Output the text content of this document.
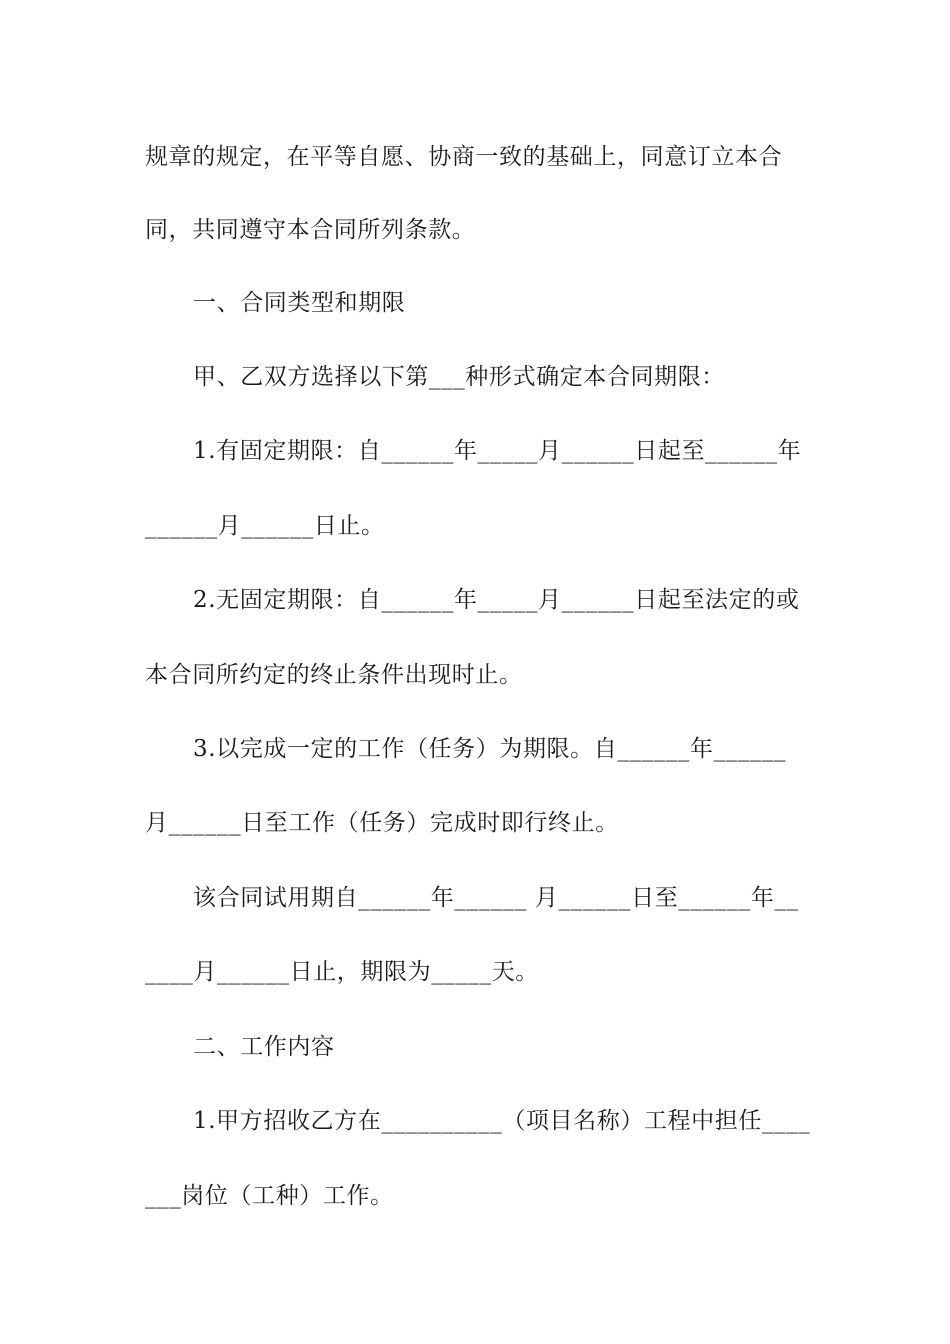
规章的规定，在平等自愿、协商一致的基础上，同意订立本合
同，共同遵守本合同所列条款。
一、合同类型和期限
甲、乙双方选择以下第___种形式确定本合同期限：
1.有固定期限：自______年_____月______日起至______年
______月______日止。
2.无固定期限：自______年_____月______日起至法定的或
本合同所约定的终止条件出现时止。
3.以完成一定的工作（任务）为期限。自______年______
月______日至工作（任务）完成时即行终止。
该合同试用期自______年______ 月______日至______年__
____月______日止，期限为_____天。
二、工作内容
1.甲方招收乙方在__________（项目名称）工程中担任____
___岗位（工种）工作。
